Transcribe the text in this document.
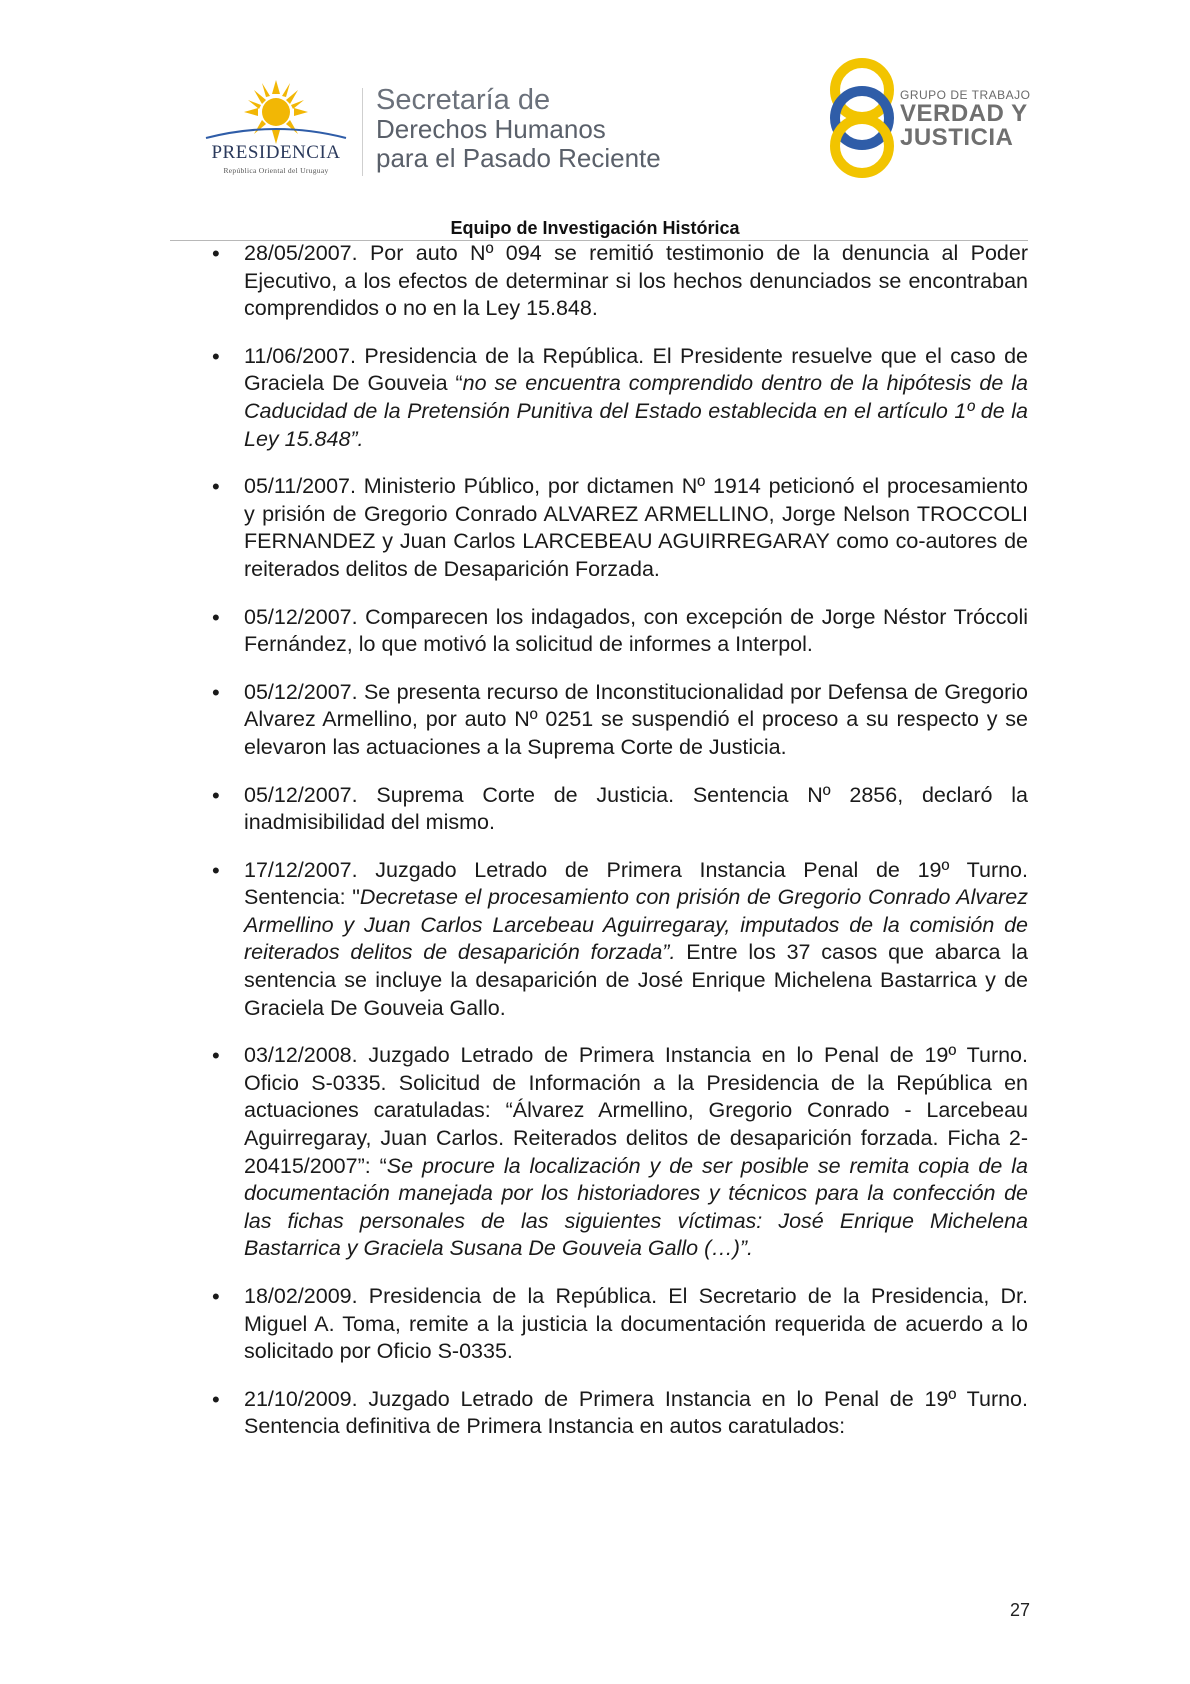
PRESIDENCIA
República Oriental del Uruguay
Secretaría de
Derechos Humanos
para el Pasado Reciente
GRUPO DE TRABAJO
VERDAD Y
JUSTICIA
Equipo de Investigación Histórica
• 28/05/2007. Por auto Nº 094 se remitió testimonio de la denuncia al Poder Ejecutivo, a los efectos de determinar si los hechos denunciados se encontraban comprendidos o no en la Ley 15.848.
• 11/06/2007. Presidencia de la República. El Presidente resuelve que el caso de Graciela De Gouveia “no se encuentra comprendido dentro de la hipótesis de la Caducidad de la Pretensión Punitiva del Estado establecida en el artículo 1º de la Ley 15.848”.
• 05/11/2007. Ministerio Público, por dictamen Nº 1914 peticionó el procesamiento y prisión de Gregorio Conrado ALVAREZ ARMELLINO, Jorge Nelson TROCCOLI FERNANDEZ y Juan Carlos LARCEBEAU AGUIRREGARAY como co-autores de reiterados delitos de Desaparición Forzada.
• 05/12/2007. Comparecen los indagados, con excepción de Jorge Néstor Tróccoli Fernández, lo que motivó la solicitud de informes a Interpol.
• 05/12/2007. Se presenta recurso de Inconstitucionalidad por Defensa de Gregorio Alvarez Armellino, por auto Nº 0251 se suspendió el proceso a su respecto y se elevaron las actuaciones a la Suprema Corte de Justicia.
• 05/12/2007. Suprema Corte de Justicia. Sentencia Nº 2856, declaró la inadmisibilidad del mismo.
• 17/12/2007. Juzgado Letrado de Primera Instancia Penal de 19º Turno. Sentencia: "Decretase el procesamiento con prisión de Gregorio Conrado Alvarez Armellino y Juan Carlos Larcebeau Aguirregaray, imputados de la comisión de reiterados delitos de desaparición forzada”. Entre los 37 casos que abarca la sentencia se incluye la desaparición de José Enrique Michelena Bastarrica y de Graciela De Gouveia Gallo.
• 03/12/2008. Juzgado Letrado de Primera Instancia en lo Penal de 19º Turno. Oficio S-0335. Solicitud de Información a la Presidencia de la República en actuaciones caratuladas: “Álvarez Armellino, Gregorio Conrado - Larcebeau Aguirregaray, Juan Carlos. Reiterados delitos de desaparición forzada. Ficha 2-20415/2007”: “Se procure la localización y de ser posible se remita copia de la documentación manejada por los historiadores y técnicos para la confección de las fichas personales de las siguientes víctimas: José Enrique Michelena Bastarrica y Graciela Susana De Gouveia Gallo (…)”.
• 18/02/2009. Presidencia de la República. El Secretario de la Presidencia, Dr. Miguel A. Toma, remite a la justicia la documentación requerida de acuerdo a lo solicitado por Oficio S-0335.
• 21/10/2009. Juzgado Letrado de Primera Instancia en lo Penal de 19º Turno. Sentencia definitiva de Primera Instancia en autos caratulados:
27
